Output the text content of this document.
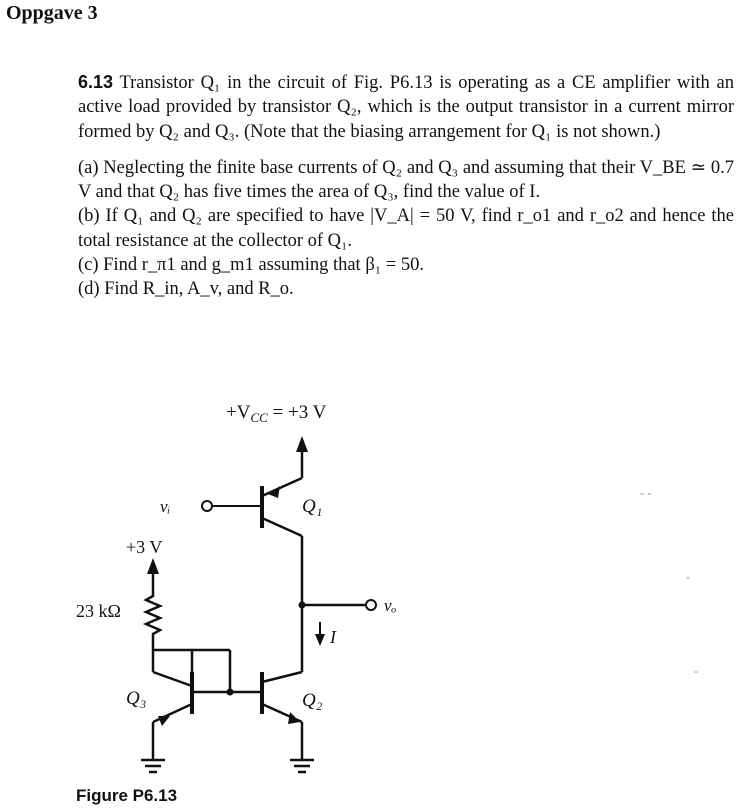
Oppgave 3

6.13 Transistor Q₁ in the circuit of Fig. P6.13 is operating as a CE amplifier with an active load provided by transistor Q₂, which is the output transistor in a current mirror formed by Q₂ and Q₃. (Note that the biasing arrangement for Q₁ is not shown.)

(a) Neglecting the finite base currents of Q₂ and Q₃ and assuming that their V_BE ≃ 0.7 V and that Q₂ has five times the area of Q₃, find the value of I.
(b) If Q₁ and Q₂ are specified to have |V_A| = 50 V, find r_o1 and r_o2 and hence the total resistance at the collector of Q₁.
(c) Find r_π1 and g_m1 assuming that β₁ = 50.
(d) Find R_in, A_v, and R_o.
$+V_{CC} = +3$ V
vᵢ	Q₁
vₒ
I
+3 V
23 kΩ
Q₃	Q₂
Figure P6.13
- -
-
-
